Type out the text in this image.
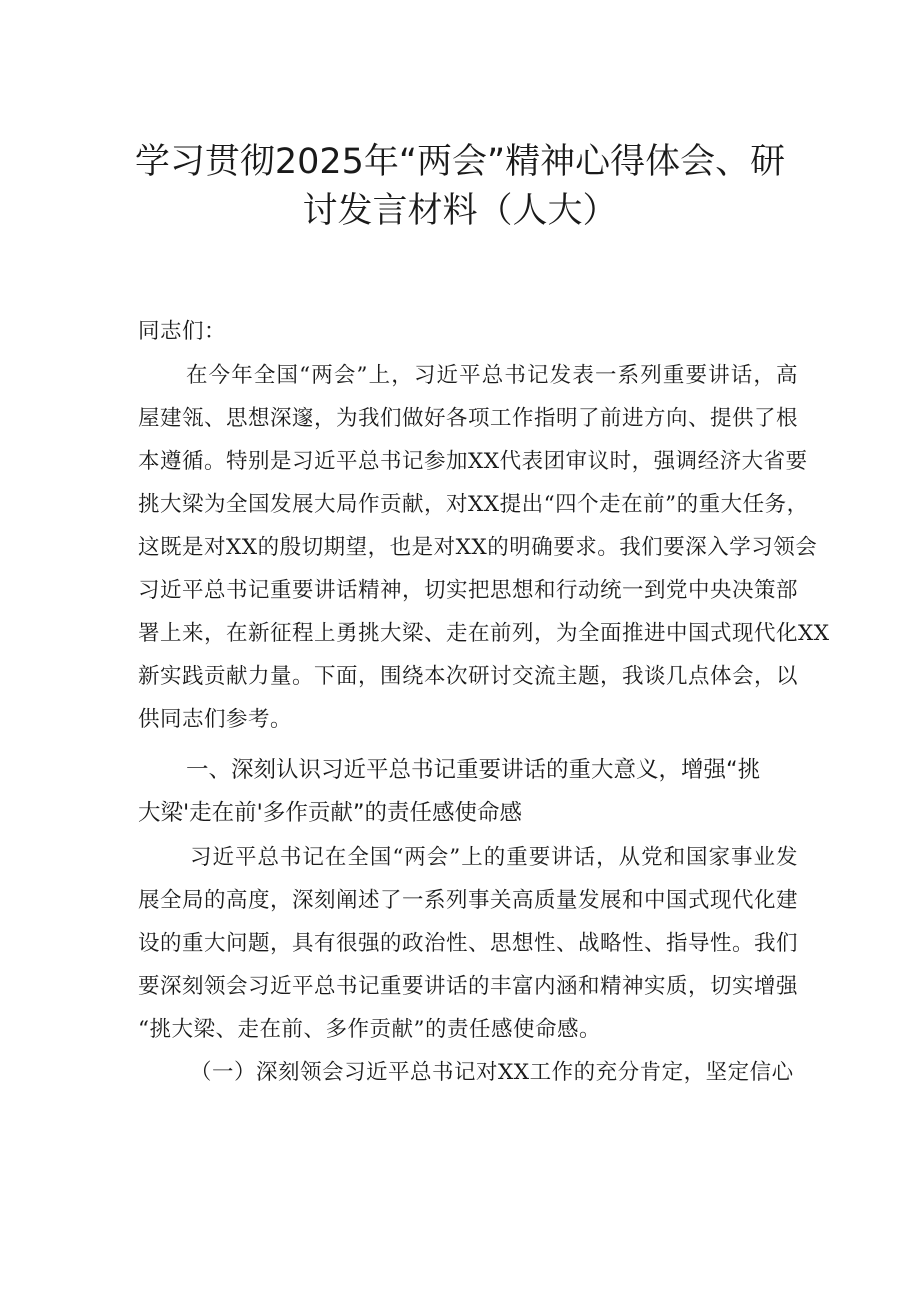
学习贯彻2025年“两会”精神心得体会、研
讨发言材料（人大）
同志们：
在今年全国“两会”上，习近平总书记发表一系列重要讲话，高
屋建瓴、思想深邃，为我们做好各项工作指明了前进方向、提供了根
本遵循。特别是习近平总书记参加XX代表团审议时，强调经济大省要
挑大梁为全国发展大局作贡献，对XX提出“四个走在前”的重大任务，
这既是对XX的殷切期望，也是对XX的明确要求。我们要深入学习领会
习近平总书记重要讲话精神，切实把思想和行动统一到党中央决策部
署上来，在新征程上勇挑大梁、走在前列，为全面推进中国式现代化XX
新实践贡献力量。下面，围绕本次研讨交流主题，我谈几点体会，以
供同志们参考。
一、深刻认识习近平总书记重要讲话的重大意义，增强“挑
大梁'走在前'多作贡献”的责任感使命感
习近平总书记在全国“两会”上的重要讲话，从党和国家事业发
展全局的高度，深刻阐述了一系列事关高质量发展和中国式现代化建
设的重大问题，具有很强的政治性、思想性、战略性、指导性。我们
要深刻领会习近平总书记重要讲话的丰富内涵和精神实质，切实增强
“挑大梁、走在前、多作贡献”的责任感使命感。
（一）深刻领会习近平总书记对XX工作的充分肯定，坚定信心
